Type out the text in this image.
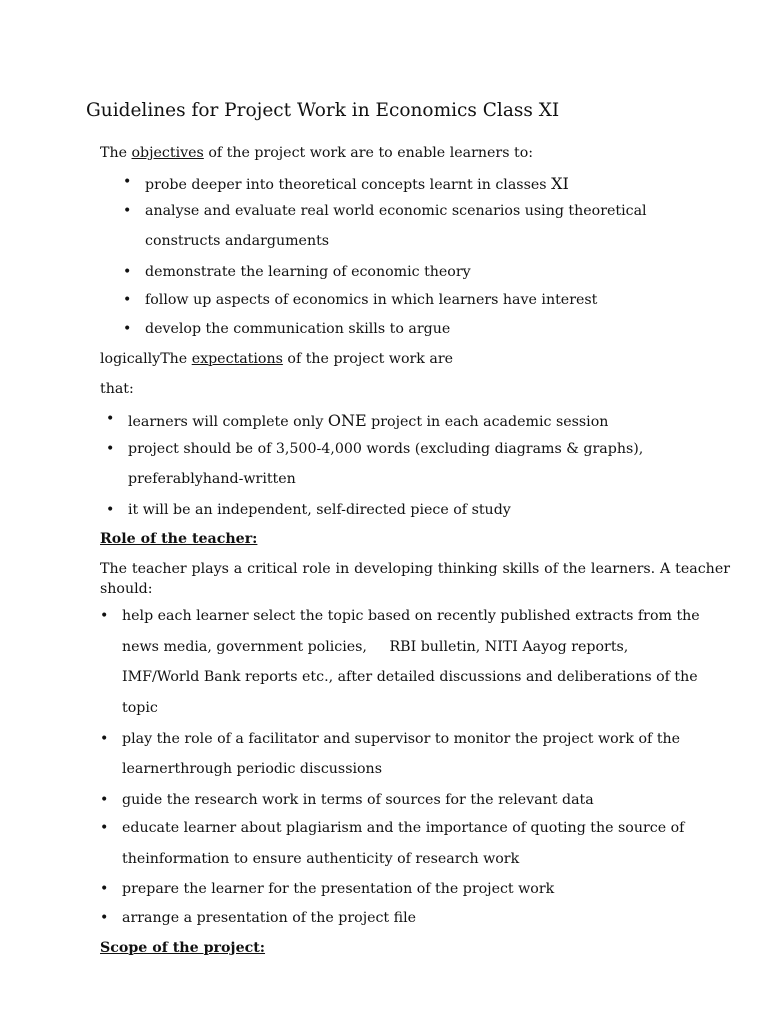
Guidelines for Project Work in Economics Class XI
The objectives of the project work are to enable learners to:
• probe deeper into theoretical concepts learnt in classes XI
• analyse and evaluate real world economic scenarios using theoretical
constructs andarguments
• demonstrate the learning of economic theory
• follow up aspects of economics in which learners have interest
• develop the communication skills to argue
logicallyThe expectations of the project work are
that:
• learners will complete only ONE project in each academic session
• project should be of 3,500-4,000 words (excluding diagrams & graphs),
preferablyhand-written
• it will be an independent, self-directed piece of study
Role of the teacher:
The teacher plays a critical role in developing thinking skills of the learners. A teacher should:
• help each learner select the topic based on recently published extracts from the
news media, government policies,     RBI bulletin, NITI Aayog reports,
IMF/World Bank reports etc., after detailed discussions and deliberations of the
topic
• play the role of a facilitator and supervisor to monitor the project work of the
learnerthrough periodic discussions
• guide the research work in terms of sources for the relevant data
• educate learner about plagiarism and the importance of quoting the source of
theinformation to ensure authenticity of research work
• prepare the learner for the presentation of the project work
• arrange a presentation of the project file
Scope of the project:
